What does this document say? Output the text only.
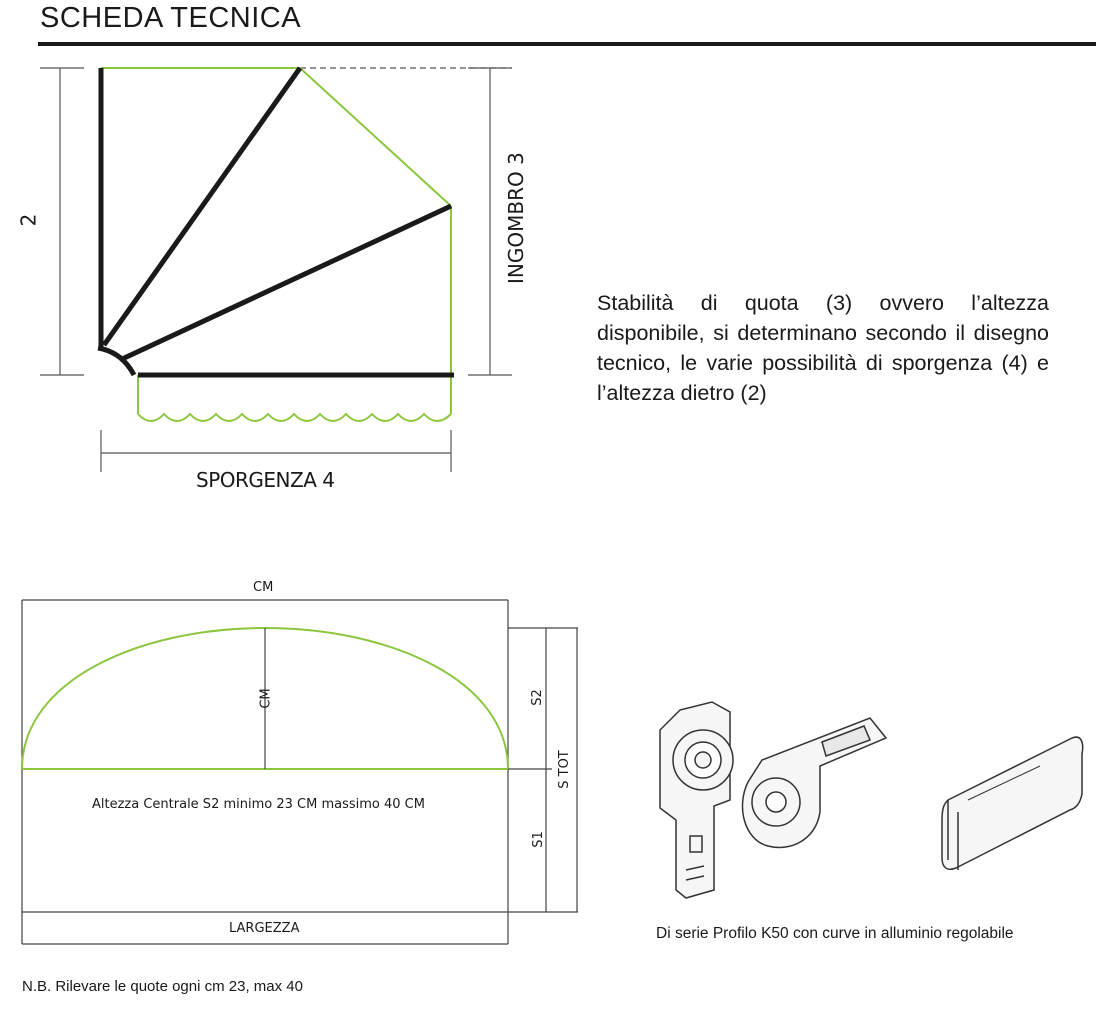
SCHEDA TECNICA
2	INGOMBRO 3
SPORGENZA 4
Stabilità di quota (3) ovvero l’altezza disponibile, si determinano secondo il disegno tecnico, le varie possibilità di sporgenza (4) e l’altezza dietro (2)
CM
CM	S2
S TOT
S1
Altezza Centrale S2 minimo 23 CM massimo 40 CM
LARGEZZA	Di serie Profilo K50 con curve in alluminio regolabile
N.B. Rilevare le quote ogni cm 23, max 40
